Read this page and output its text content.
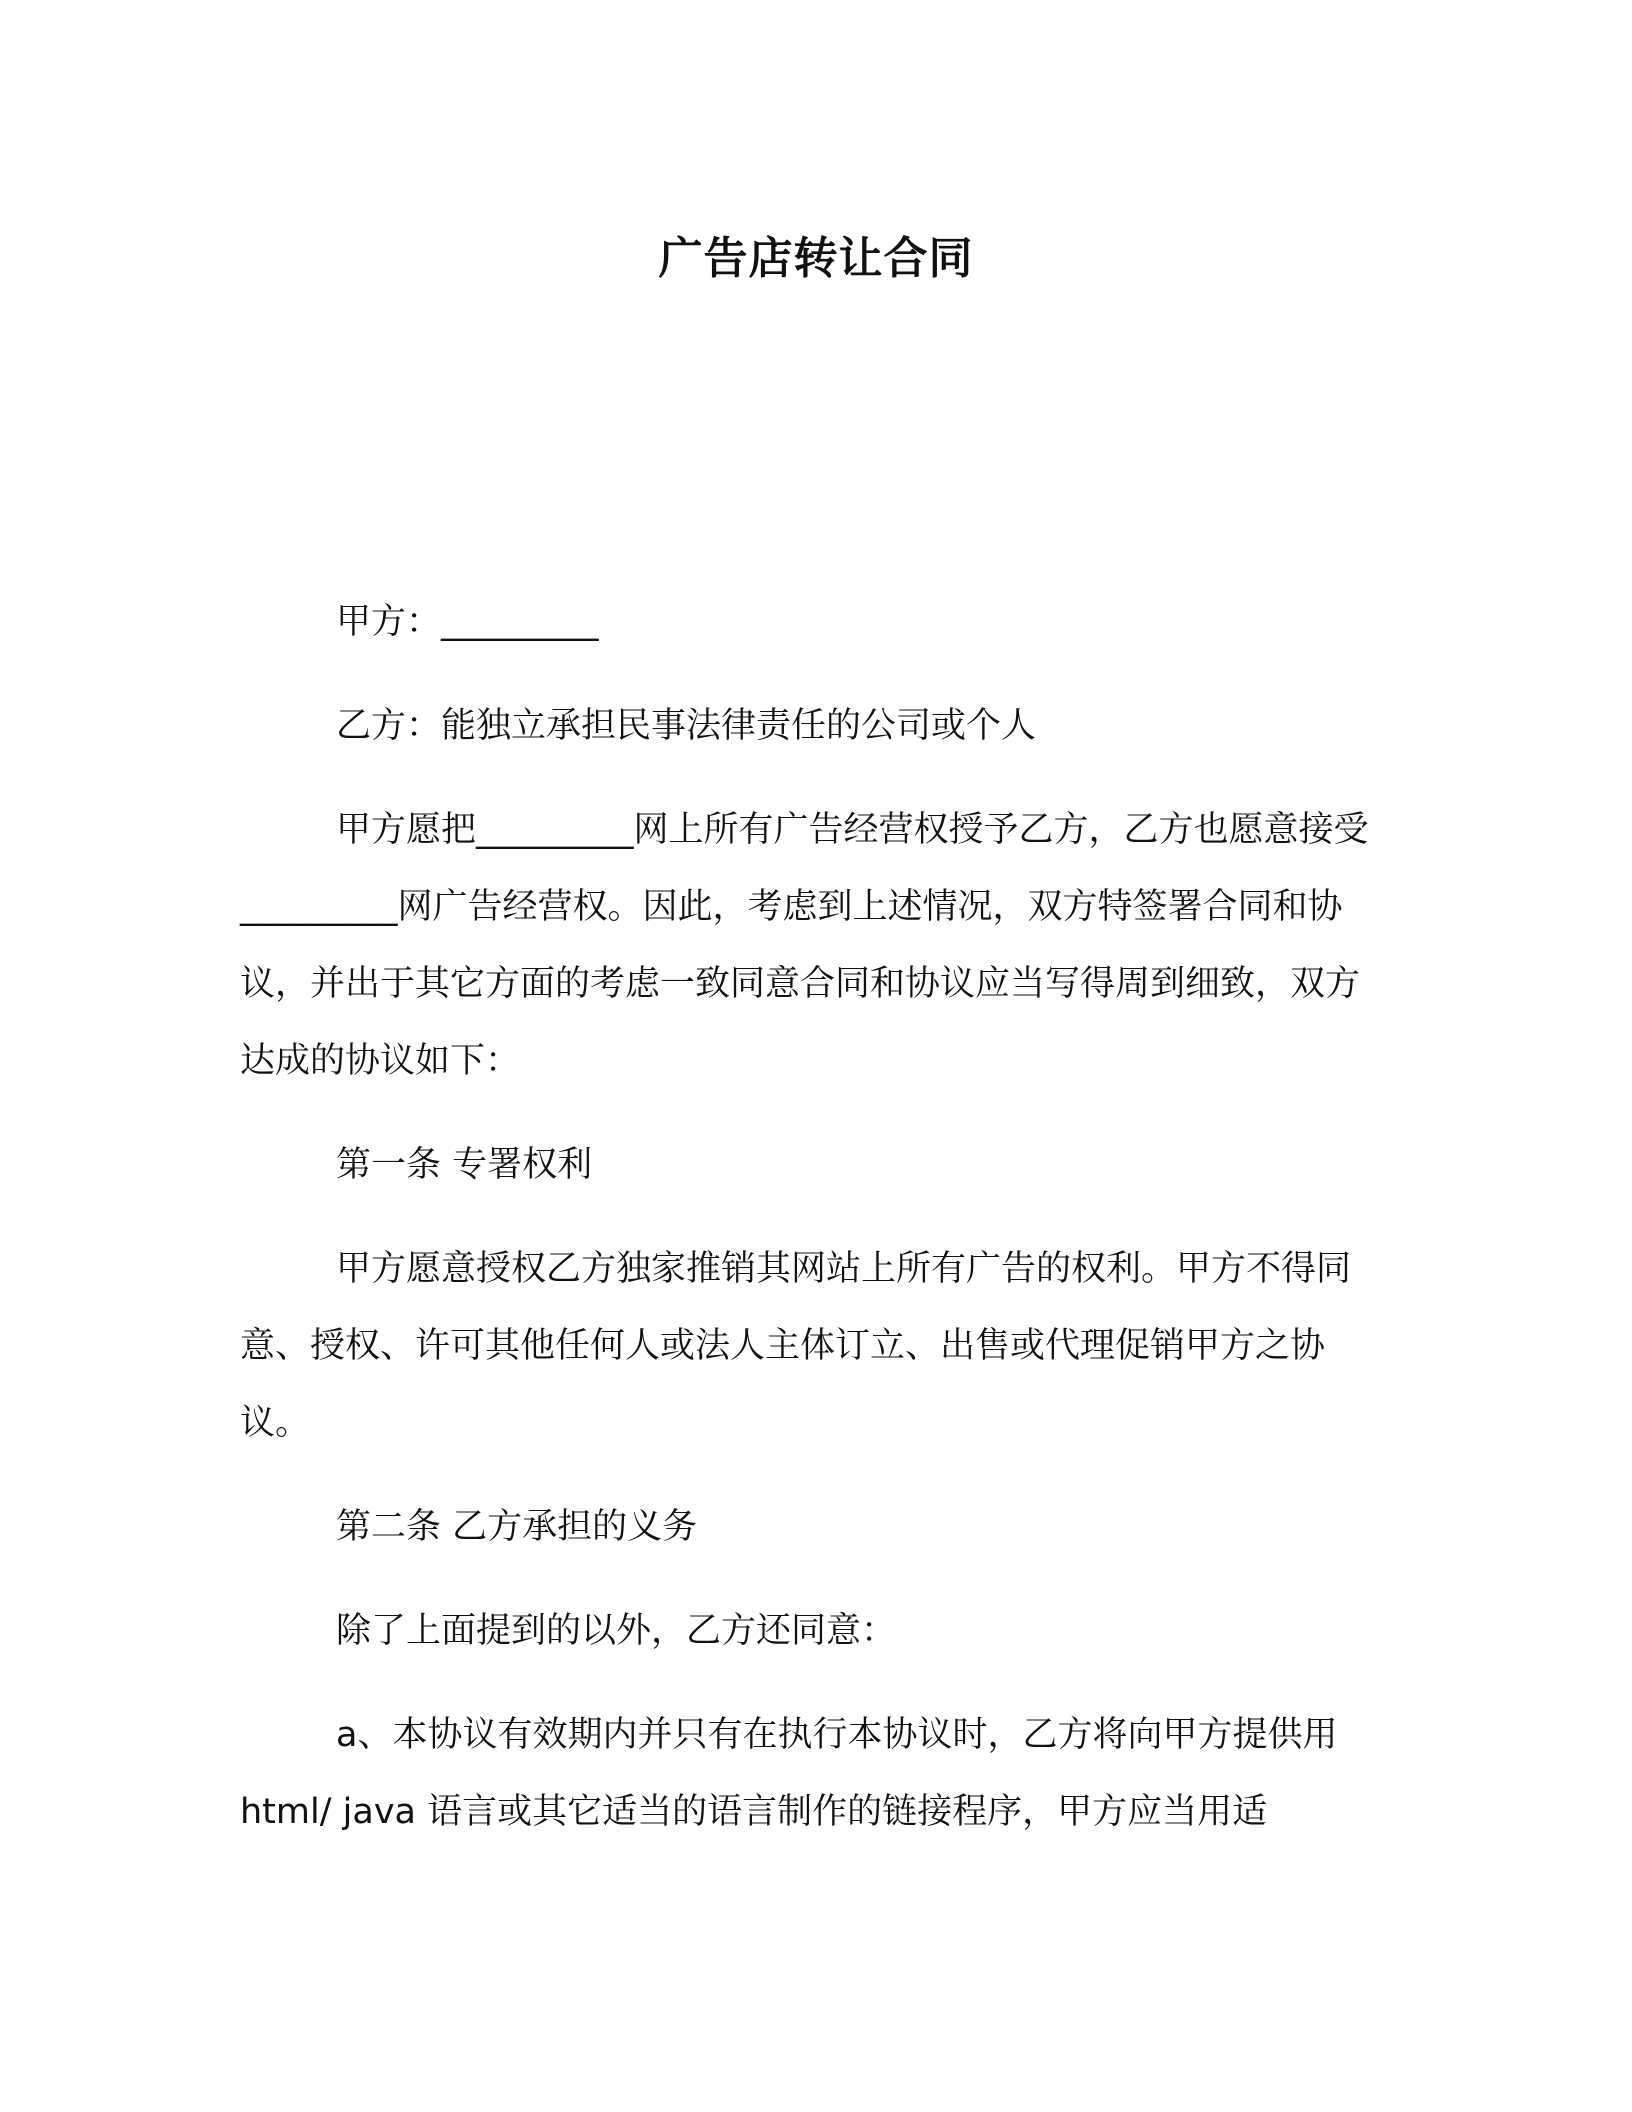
广告店转让合同

甲方：_________

乙方：能独立承担民事法律责任的公司或个人

甲方愿把_________网上所有广告经营权授予乙方，乙方也愿意接受_________网广告经营权。因此，考虑到上述情况，双方特签署合同和协议，并出于其它方面的考虑一致同意合同和协议应当写得周到细致，双方达成的协议如下：

第一条 专署权利

甲方愿意授权乙方独家推销其网站上所有广告的权利。甲方不得同意、授权、许可其他任何人或法人主体订立、出售或代理促销甲方之协议。

第二条 乙方承担的义务

除了上面提到的以外，乙方还同意：

a、本协议有效期内并只有在执行本协议时，乙方将向甲方提供用 html/ java 语言或其它适当的语言制作的链接程序，甲方应当用适
